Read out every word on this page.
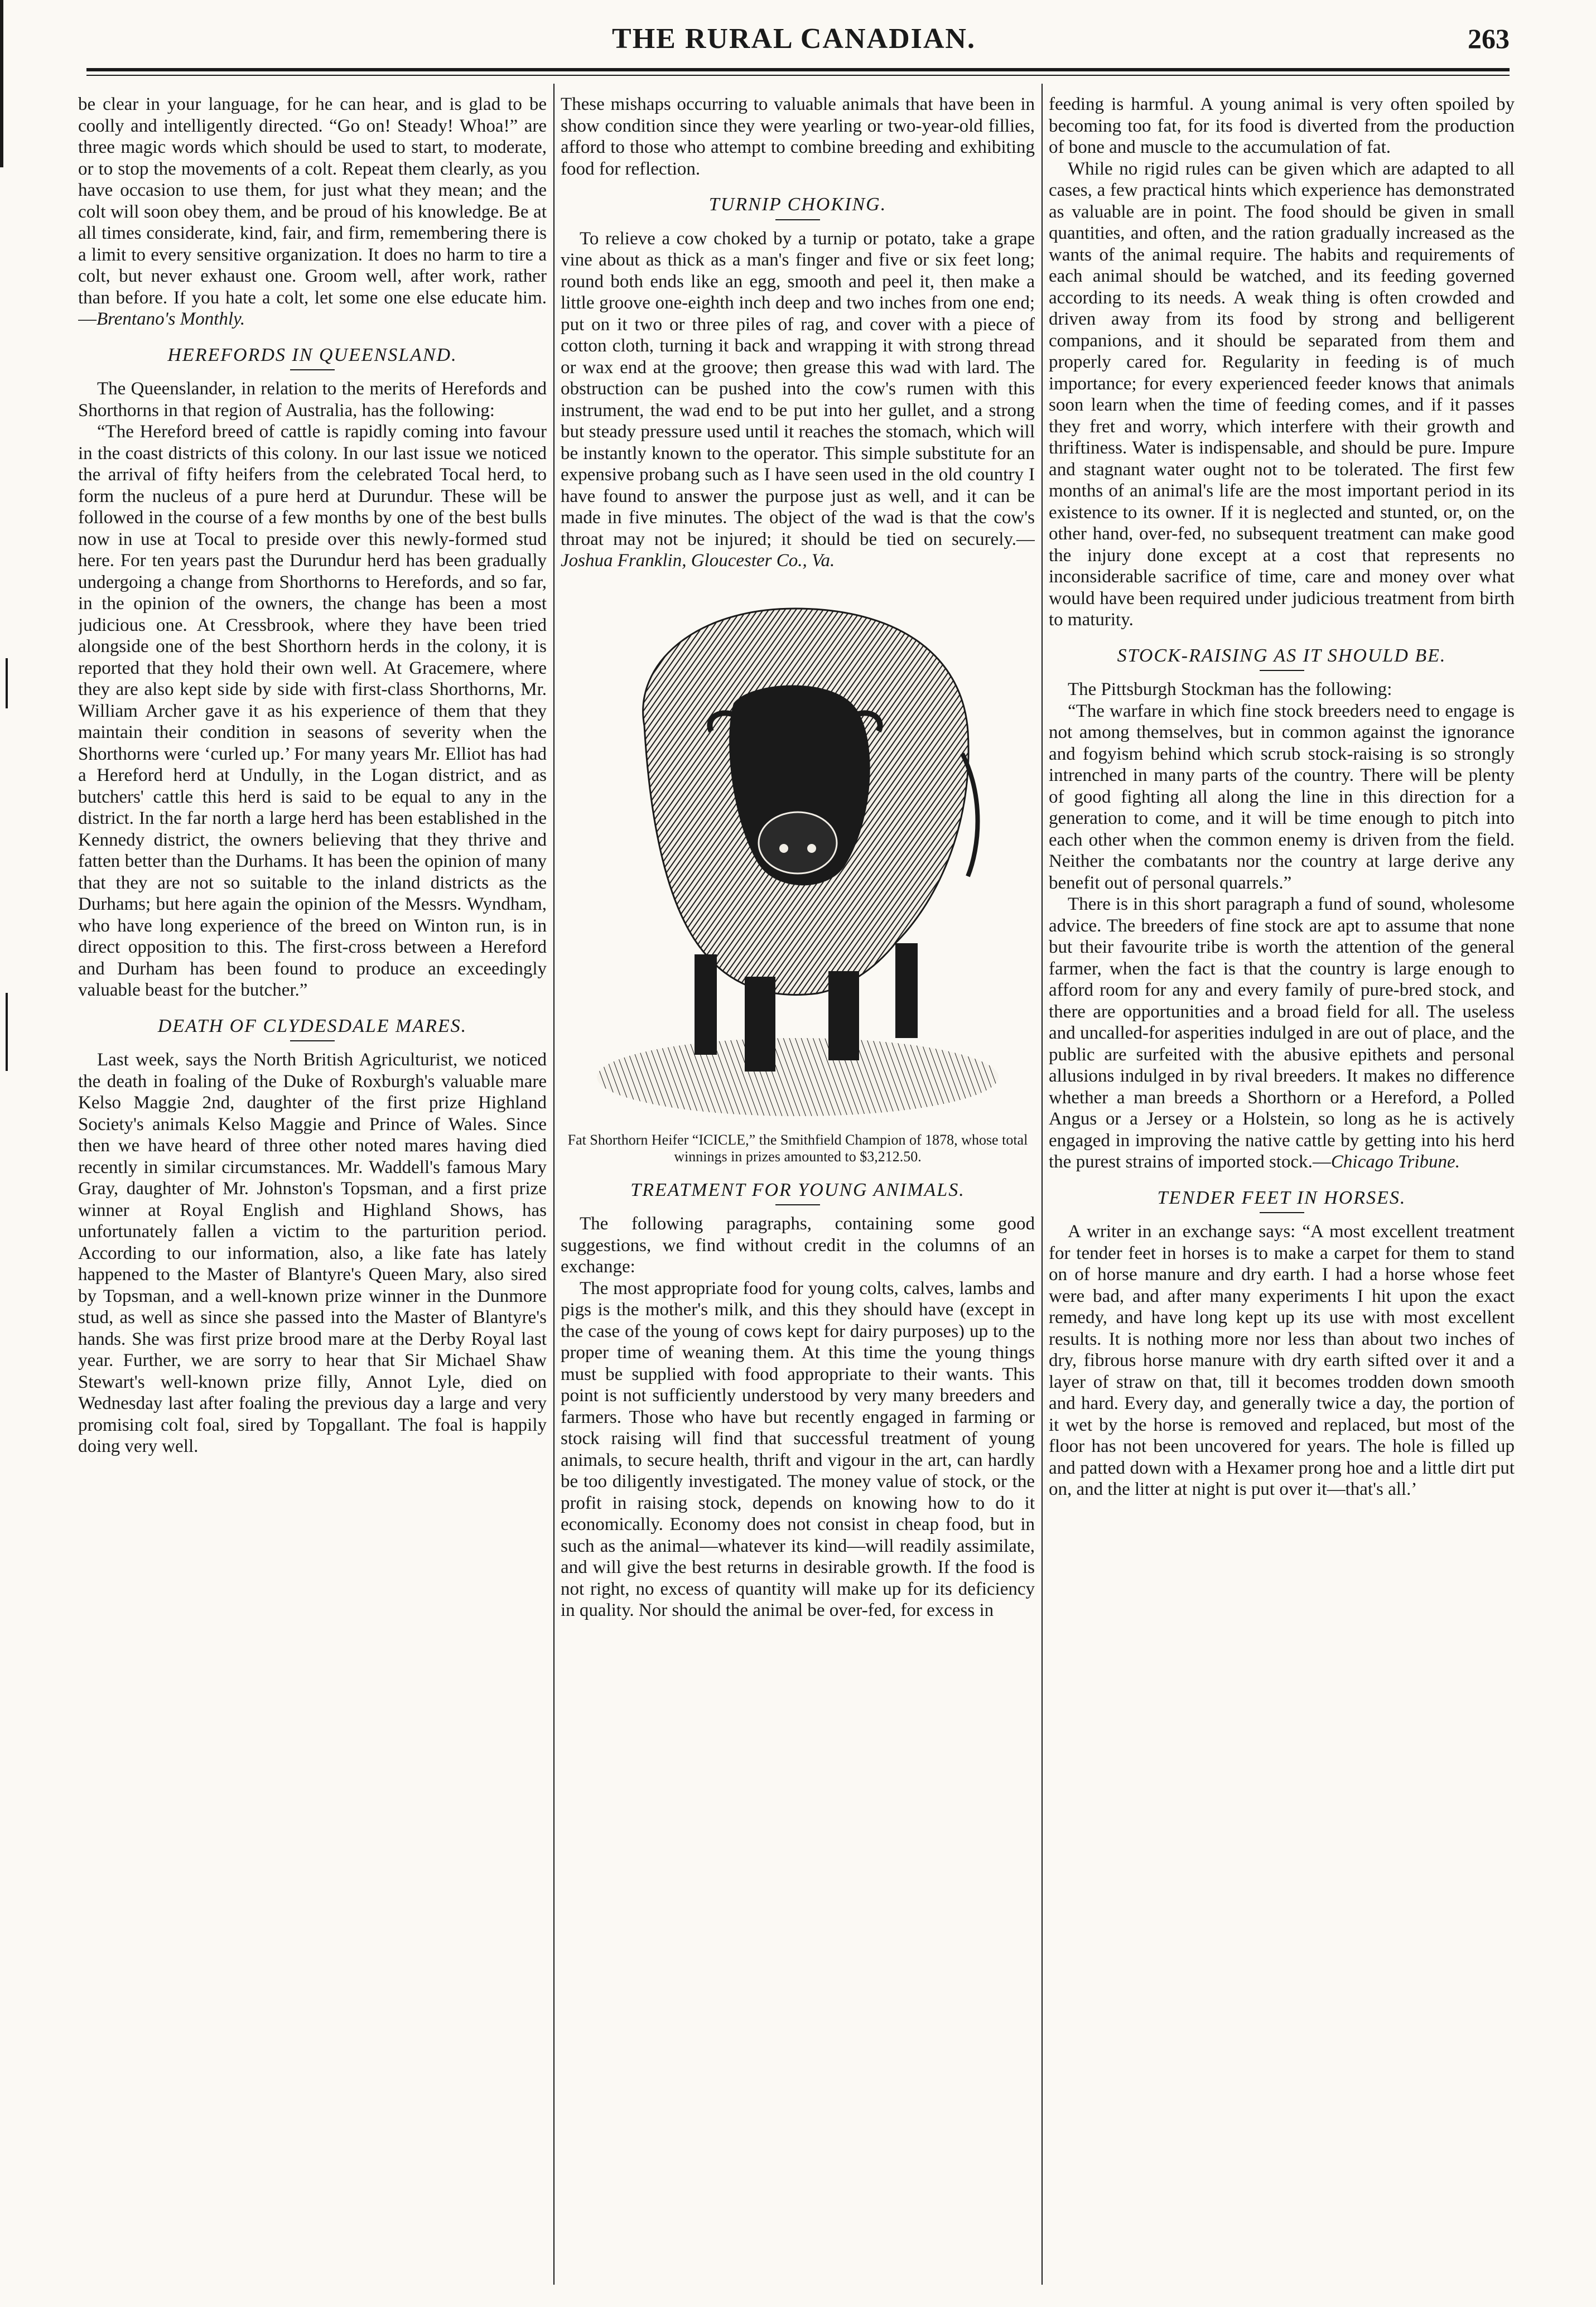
THE RURAL CANADIAN.	263

be clear in your language, for he can hear, and is glad to be coolly and intelligently directed. “Go on! Steady! Whoa!” are three magic words which should be used to start, to moderate, or to stop the movements of a colt. Repeat them clearly, as you have occasion to use them, for just what they mean; and the colt will soon obey them, and be proud of his knowledge. Be at all times considerate, kind, fair, and firm, remembering there is a limit to every sensitive organization. It does no harm to tire a colt, but never exhaust one. Groom well, after work, rather than before. If you hate a colt, let some one else educate him.—Brentano's Monthly.

HEREFORDS IN QUEENSLAND.

The Queenslander, in relation to the merits of Herefords and Shorthorns in that region of Australia, has the following:

“The Hereford breed of cattle is rapidly coming into favour in the coast districts of this colony. In our last issue we noticed the arrival of fifty heifers from the celebrated Tocal herd, to form the nucleus of a pure herd at Durundur. These will be followed in the course of a few months by one of the best bulls now in use at Tocal to preside over this newly-formed stud here. For ten years past the Durundur herd has been gradually undergoing a change from Shorthorns to Herefords, and so far, in the opinion of the owners, the change has been a most judicious one. At Cressbrook, where they have been tried alongside one of the best Shorthorn herds in the colony, it is reported that they hold their own well. At Gracemere, where they are also kept side by side with first-class Shorthorns, Mr. William Archer gave it as his experience of them that they maintain their condition in seasons of severity when the Shorthorns were ‘curled up.’ For many years Mr. Elliot has had a Hereford herd at Undully, in the Logan district, and as butchers' cattle this herd is said to be equal to any in the district. In the far north a large herd has been established in the Kennedy district, the owners believing that they thrive and fatten better than the Durhams. It has been the opinion of many that they are not so suitable to the inland districts as the Durhams; but here again the opinion of the Messrs. Wyndham, who have long experience of the breed on Winton run, is in direct opposition to this. The first-cross between a Hereford and Durham has been found to produce an exceedingly valuable beast for the butcher.”

DEATH OF CLYDESDALE MARES.

Last week, says the North British Agriculturist, we noticed the death in foaling of the Duke of Roxburgh's valuable mare Kelso Maggie 2nd, daughter of the first prize Highland Society's animals Kelso Maggie and Prince of Wales. Since then we have heard of three other noted mares having died recently in similar circumstances. Mr. Waddell's famous Mary Gray, daughter of Mr. Johnston's Topsman, and a first prize winner at Royal English and Highland Shows, has unfortunately fallen a victim to the parturition period. According to our information, also, a like fate has lately happened to the Master of Blantyre's Queen Mary, also sired by Topsman, and a well-known prize winner in the Dunmore stud, as well as since she passed into the Master of Blantyre's hands. She was first prize brood mare at the Derby Royal last year. Further, we are sorry to hear that Sir Michael Shaw Stewart's well-known prize filly, Annot Lyle, died on Wednesday last after foaling the previous day a large and very promising colt foal, sired by Topgallant. The foal is happily doing very well.

These mishaps occurring to valuable animals that have been in show condition since they were yearling or two-year-old fillies, afford to those who attempt to combine breeding and exhibiting food for reflection.

TURNIP CHOKING.

To relieve a cow choked by a turnip or potato, take a grape vine about as thick as a man's finger and five or six feet long; round both ends like an egg, smooth and peel it, then make a little groove one-eighth inch deep and two inches from one end; put on it two or three piles of rag, and cover with a piece of cotton cloth, turning it back and wrapping it with strong thread or wax end at the groove; then grease this wad with lard. The obstruction can be pushed into the cow's rumen with this instrument, the wad end to be put into her gullet, and a strong but steady pressure used until it reaches the stomach, which will be instantly known to the operator. This simple substitute for an expensive probang such as I have seen used in the old country I have found to answer the purpose just as well, and it can be made in five minutes. The object of the wad is that the cow's throat may not be injured; it should be tied on securely.—Joshua Franklin, Gloucester Co., Va.

Fat Shorthorn Heifer “ICICLE,” the Smithfield Champion of 1878, whose total winnings in prizes amounted to $3,212.50.
TREATMENT FOR YOUNG ANIMALS.

The following paragraphs, containing some good suggestions, we find without credit in the columns of an exchange:

The most appropriate food for young colts, calves, lambs and pigs is the mother's milk, and this they should have (except in the case of the young of cows kept for dairy purposes) up to the proper time of weaning them. At this time the young things must be supplied with food appropriate to their wants. This point is not sufficiently understood by very many breeders and farmers. Those who have but recently engaged in farming or stock raising will find that successful treatment of young animals, to secure health, thrift and vigour in the art, can hardly be too diligently investigated. The money value of stock, or the profit in raising stock, depends on knowing how to do it economically. Economy does not consist in cheap food, but in such as the animal—whatever its kind—will readily assimilate, and will give the best returns in desirable growth. If the food is not right, no excess of quantity will make up for its deficiency in quality. Nor should the animal be over-fed, for excess in

feeding is harmful. A young animal is very often spoiled by becoming too fat, for its food is diverted from the production of bone and muscle to the accumulation of fat.

While no rigid rules can be given which are adapted to all cases, a few practical hints which experience has demonstrated as valuable are in point. The food should be given in small quantities, and often, and the ration gradually increased as the wants of the animal require. The habits and requirements of each animal should be watched, and its feeding governed according to its needs. A weak thing is often crowded and driven away from its food by strong and belligerent companions, and it should be separated from them and properly cared for. Regularity in feeding is of much importance; for every experienced feeder knows that animals soon learn when the time of feeding comes, and if it passes they fret and worry, which interfere with their growth and thriftiness. Water is indispensable, and should be pure. Impure and stagnant water ought not to be tolerated. The first few months of an animal's life are the most important period in its existence to its owner. If it is neglected and stunted, or, on the other hand, over-fed, no subsequent treatment can make good the injury done except at a cost that represents no inconsiderable sacrifice of time, care and money over what would have been required under judicious treatment from birth to maturity.

STOCK-RAISING AS IT SHOULD BE.

The Pittsburgh Stockman has the following:

“The warfare in which fine stock breeders need to engage is not among themselves, but in common against the ignorance and fogyism behind which scrub stock-raising is so strongly intrenched in many parts of the country. There will be plenty of good fighting all along the line in this direction for a generation to come, and it will be time enough to pitch into each other when the common enemy is driven from the field. Neither the combatants nor the country at large derive any benefit out of personal quarrels.”

There is in this short paragraph a fund of sound, wholesome advice. The breeders of fine stock are apt to assume that none but their favourite tribe is worth the attention of the general farmer, when the fact is that the country is large enough to afford room for any and every family of pure-bred stock, and there are opportunities and a broad field for all. The useless and uncalled-for asperities indulged in are out of place, and the public are surfeited with the abusive epithets and personal allusions indulged in by rival breeders. It makes no difference whether a man breeds a Shorthorn or a Hereford, a Polled Angus or a Jersey or a Holstein, so long as he is actively engaged in improving the native cattle by getting into his herd the purest strains of imported stock.—Chicago Tribune.

TENDER FEET IN HORSES.

A writer in an exchange says: “A most excellent treatment for tender feet in horses is to make a carpet for them to stand on of horse manure and dry earth. I had a horse whose feet were bad, and after many experiments I hit upon the exact remedy, and have long kept up its use with most excellent results. It is nothing more nor less than about two inches of dry, fibrous horse manure with dry earth sifted over it and a layer of straw on that, till it becomes trodden down smooth and hard. Every day, and generally twice a day, the portion of it wet by the horse is removed and replaced, but most of the floor has not been uncovered for years. The hole is filled up and patted down with a Hexamer prong hoe and a little dirt put on, and the litter at night is put over it—that's all.’
